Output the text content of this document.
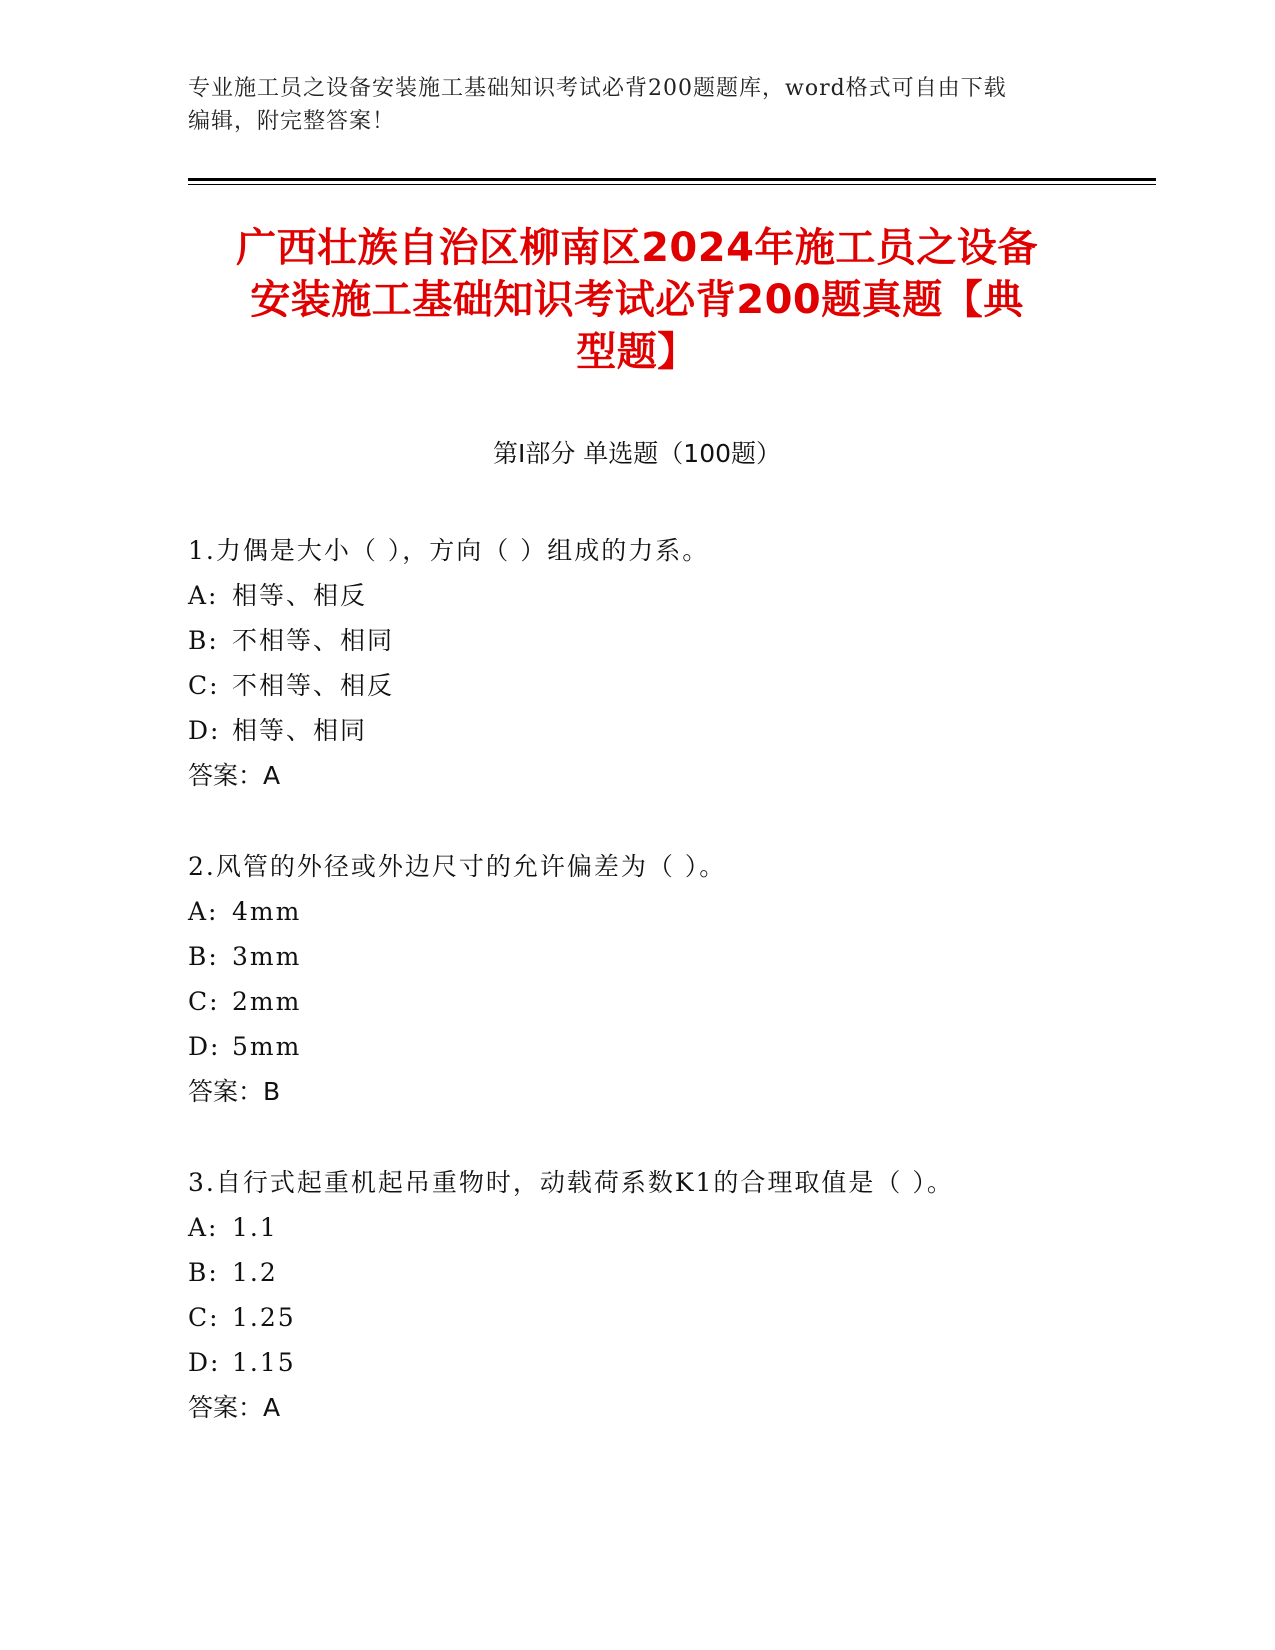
专业施工员之设备安装施工基础知识考试必背200题题库，word格式可自由下载
编辑，附完整答案！
广西壮族自治区柳南区2024年施工员之设备
安装施工基础知识考试必背200题真题【典
型题】
第Ⅰ部分 单选题（100题）
1.力偶是大小（ ），方向（ ）组成的力系。
A: 相等、相反
B: 不相等、相同
C: 不相等、相反
D: 相等、相同
答案：A
2.风管的外径或外边尺寸的允许偏差为（ ）。
A: 4mm
B: 3mm
C: 2mm
D: 5mm
答案：B
3.自行式起重机起吊重物时，动载荷系数K1的合理取值是（ ）。
A: 1.1
B: 1.2
C: 1.25
D: 1.15
答案：A
